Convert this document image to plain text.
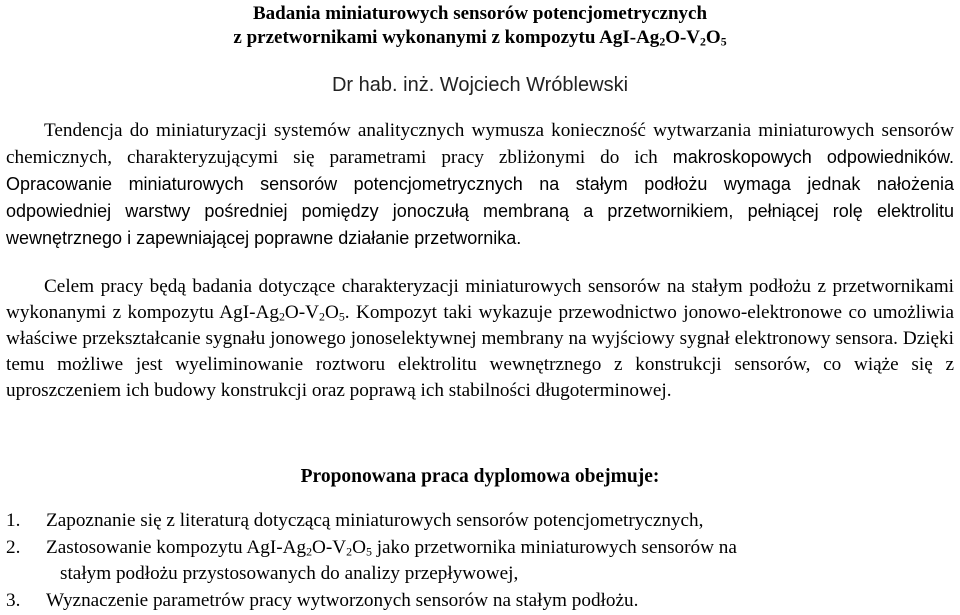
Badania miniaturowych sensorów potencjometrycznych
z przetwornikami wykonanymi z kompozytu AgI-$Ag_2O-V_2O_5$
Dr hab. inż. Wojciech Wróblewski
Tendencja do miniaturyzacji systemów analitycznych wymusza konieczność wytwarzania miniaturowych sensorów chemicznych, charakteryzującymi się parametrami pracy zbliżonymi do ich makroskopowych odpowiedników. Opracowanie miniaturowych sensorów potencjometrycznych na stałym podłożu wymaga jednak nałożenia odpowiedniej warstwy pośredniej pomiędzy jonoczułą membraną a przetwornikiem, pełniącej rolę elektrolitu wewnętrznego i zapewniającej poprawne działanie przetwornika.
Celem pracy będą badania dotyczące charakteryzacji miniaturowych sensorów na stałym podłożu z przetwornikami wykonanymi z kompozytu AgI-$Ag_2O-V_2O_5$. Kompozyt taki wykazuje przewodnictwo jonowo-elektronowe co umożliwia właściwe przekształcanie sygnału jonowego jonoselektywnej membrany na wyjściowy sygnał elektronowy sensora. Dzięki temu możliwe jest wyeliminowanie roztworu elektrolitu wewnętrznego z konstrukcji sensorów, co wiąże się z uproszczeniem ich budowy konstrukcji oraz poprawą ich stabilności długoterminowej.
Proponowana praca dyplomowa obejmuje:
1.	Zapoznanie się z literaturą dotyczącą miniaturowych sensorów potencjometrycznych,
2.	Zastosowanie kompozytu AgI-$Ag_2O-V_2O_5$ jako przetwornika miniaturowych sensorów na
stałym podłożu przystosowanych do analizy przepływowej,
3.	Wyznaczenie parametrów pracy wytworzonych sensorów na stałym podłożu.
